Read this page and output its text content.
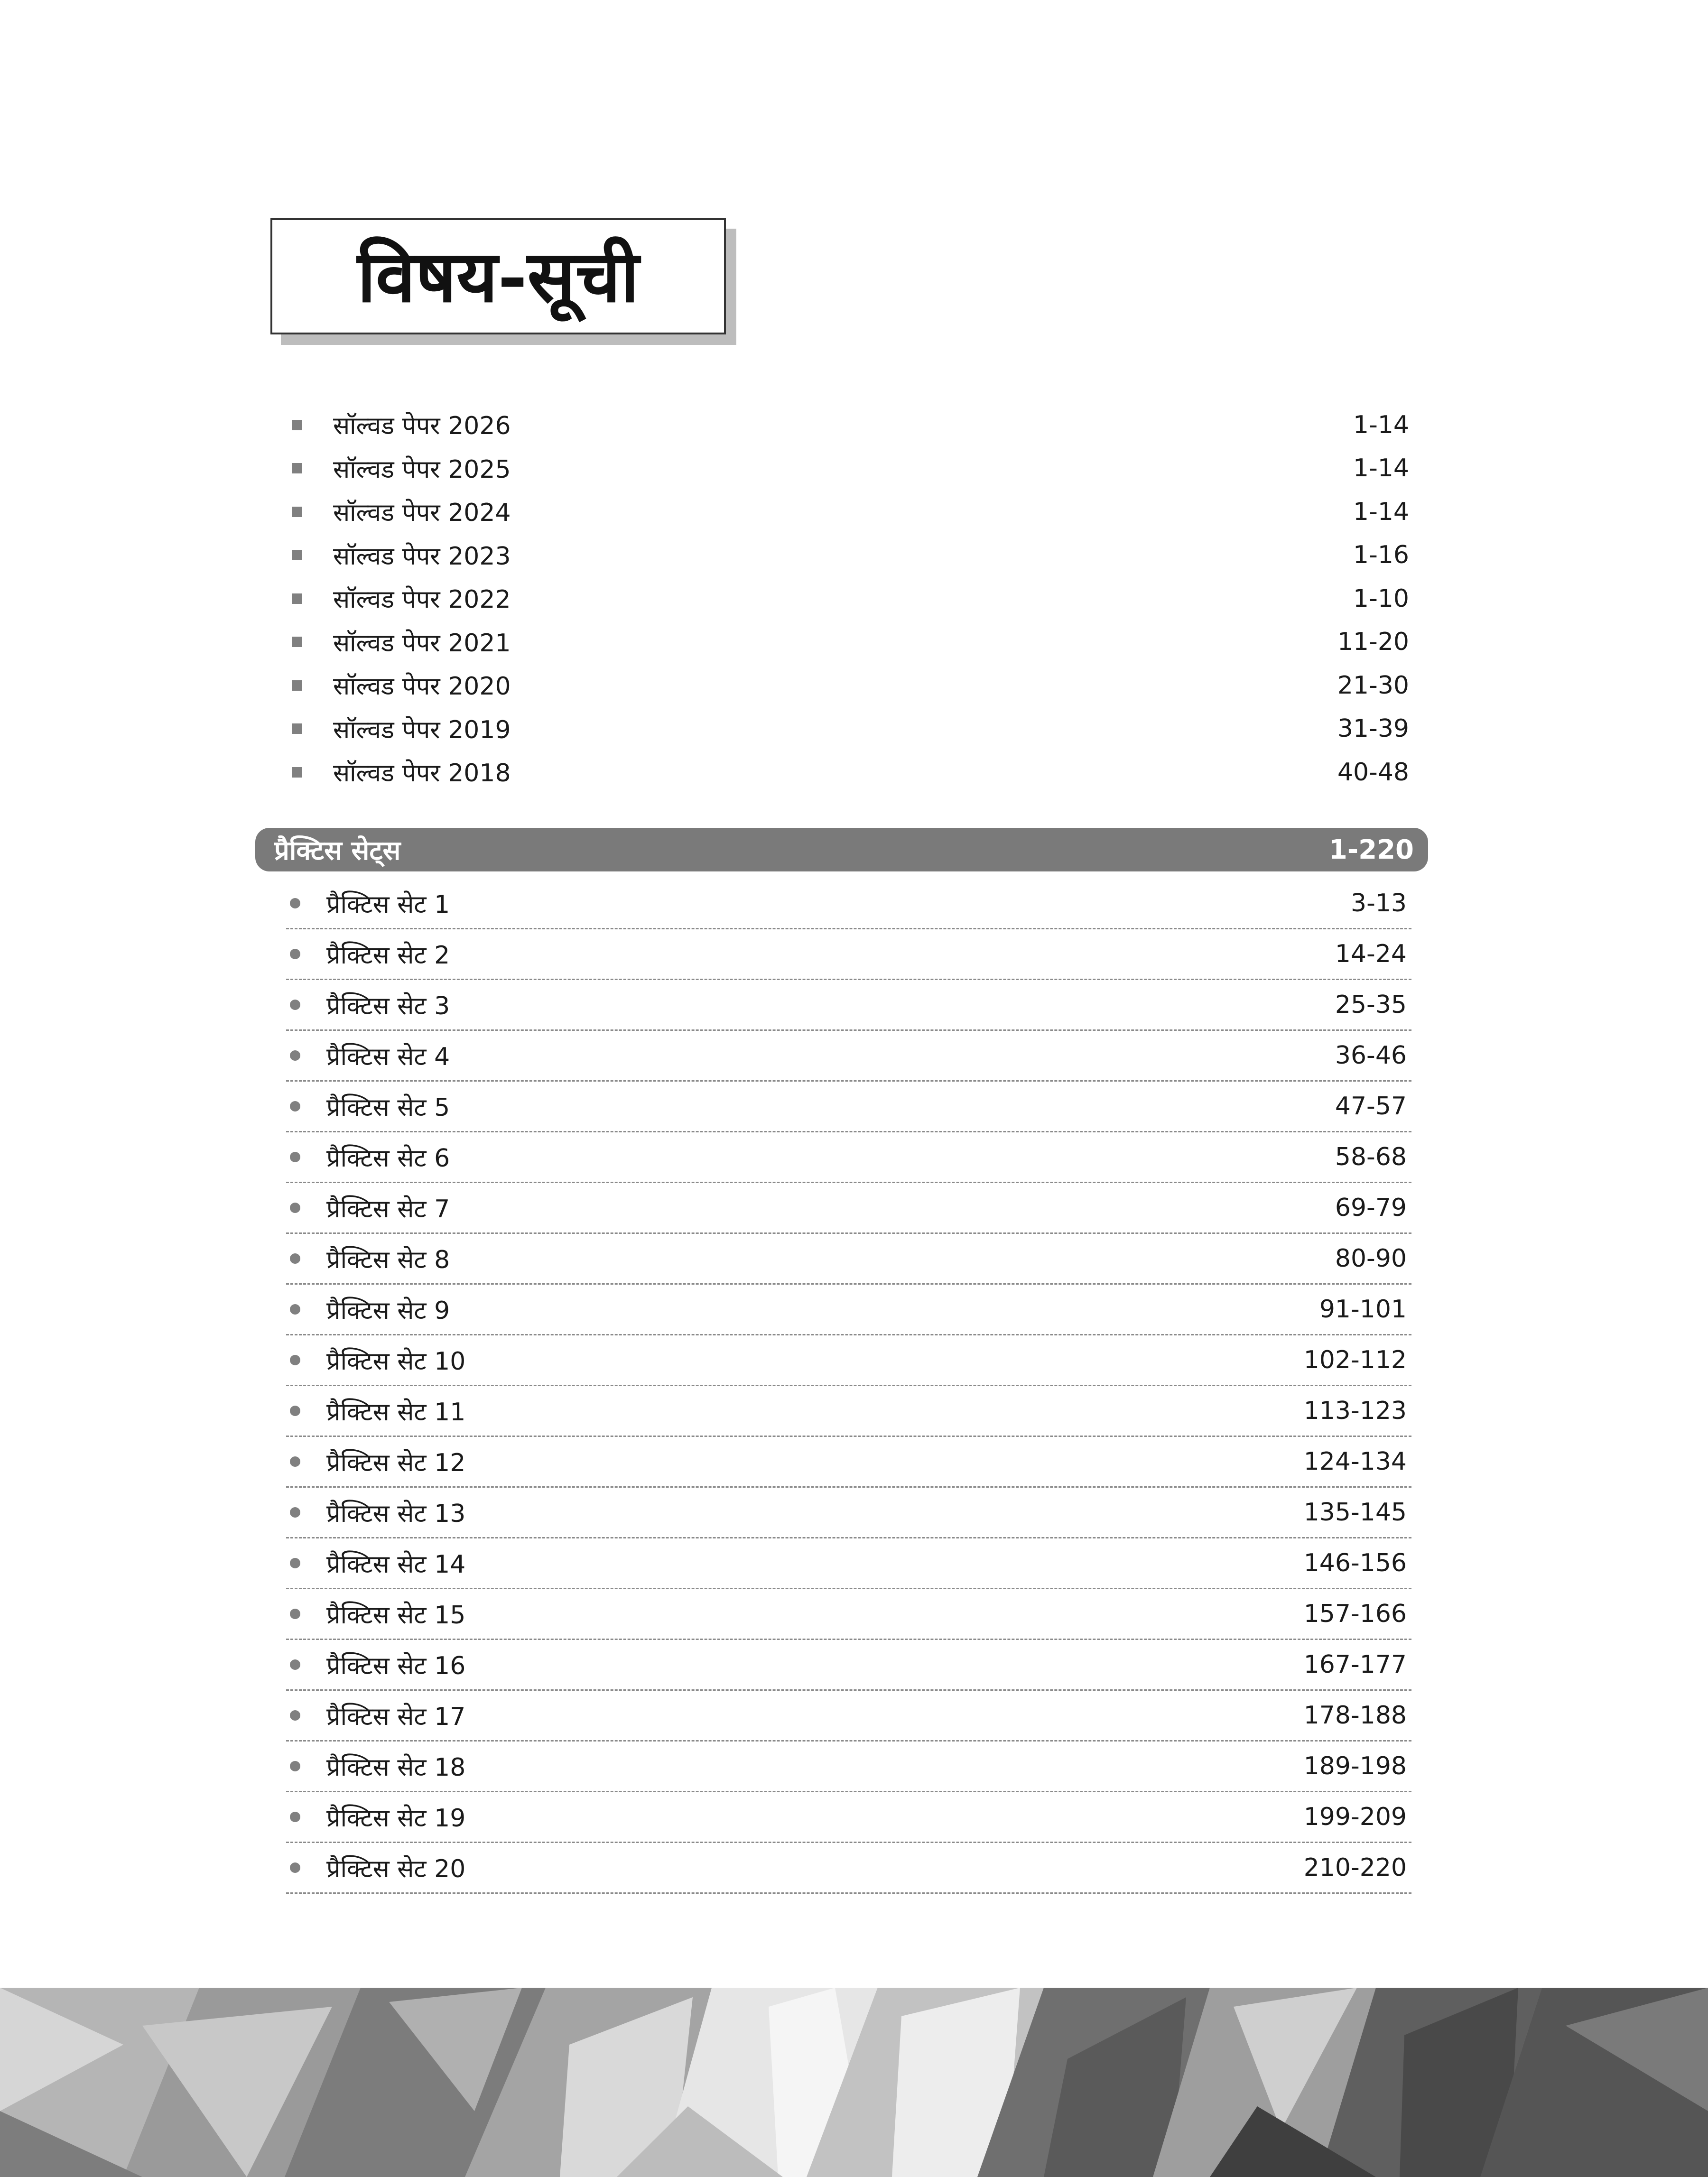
विषय-सूची
सॉल्वड पेपर 2026	1-14
सॉल्वड पेपर 2025	1-14
सॉल्वड पेपर 2024	1-14
सॉल्वड पेपर 2023	1-16
सॉल्वड पेपर 2022	1-10
सॉल्वड पेपर 2021	11-20
सॉल्वड पेपर 2020	21-30
सॉल्वड पेपर 2019	31-39
सॉल्वड पेपर 2018	40-48
प्रैक्टिस सेट्स	1-220
प्रैक्टिस सेट 1	3-13
प्रैक्टिस सेट 2	14-24
प्रैक्टिस सेट 3	25-35
प्रैक्टिस सेट 4	36-46
प्रैक्टिस सेट 5	47-57
प्रैक्टिस सेट 6	58-68
प्रैक्टिस सेट 7	69-79
प्रैक्टिस सेट 8	80-90
प्रैक्टिस सेट 9	91-101
प्रैक्टिस सेट 10	102-112
प्रैक्टिस सेट 11	113-123
प्रैक्टिस सेट 12	124-134
प्रैक्टिस सेट 13	135-145
प्रैक्टिस सेट 14	146-156
प्रैक्टिस सेट 15	157-166
प्रैक्टिस सेट 16	167-177
प्रैक्टिस सेट 17	178-188
प्रैक्टिस सेट 18	189-198
प्रैक्टिस सेट 19	199-209
प्रैक्टिस सेट 20	210-220
